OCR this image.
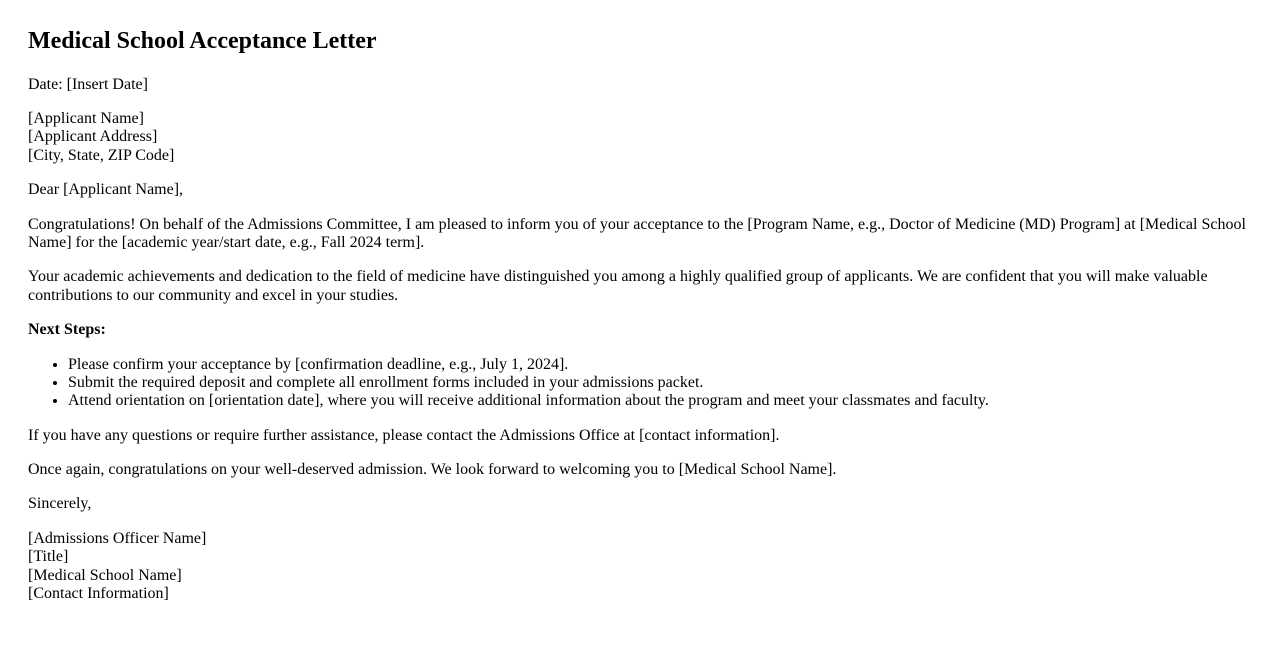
Medical School Acceptance Letter

Date: [Insert Date]

[Applicant Name]
[Applicant Address]
[City, State, ZIP Code]

Dear [Applicant Name],

Congratulations! On behalf of the Admissions Committee, I am pleased to inform you of your acceptance to the [Program Name, e.g., Doctor of Medicine (MD) Program] at [Medical School Name] for the [academic year/start date, e.g., Fall 2024 term].

Your academic achievements and dedication to the field of medicine have distinguished you among a highly qualified group of applicants. We are confident that you will make valuable contributions to our community and excel in your studies.

Next Steps:

• Please confirm your acceptance by [confirmation deadline, e.g., July 1, 2024].
• Submit the required deposit and complete all enrollment forms included in your admissions packet.
• Attend orientation on [orientation date], where you will receive additional information about the program and meet your classmates and faculty.

If you have any questions or require further assistance, please contact the Admissions Office at [contact information].

Once again, congratulations on your well-deserved admission. We look forward to welcoming you to [Medical School Name].

Sincerely,

[Admissions Officer Name]
[Title]
[Medical School Name]
[Contact Information]
